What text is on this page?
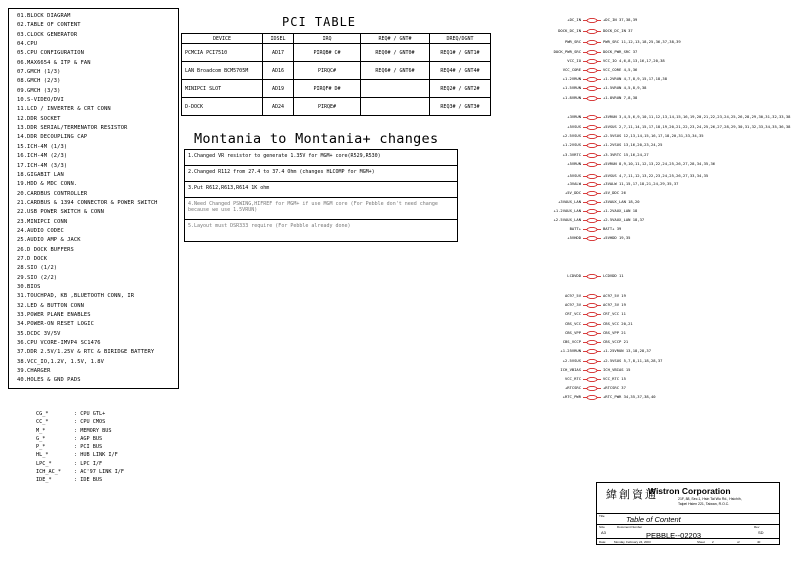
01.BLOCK DIAGRAM
02.TABLE OF CONTENT
03.CLOCK GENERATOR
04.CPU
05.CPU CONFIGURATION
06.MAX6654 & ITP & FAN
07.GMCH (1/3)
08.GMCH (2/3)
09.GMCH (3/3)
10.S-VIDEO/DVI
11.LCD / INVERTER & CRT CONN
12.DDR SOCKET
13.DDR SERIAL/TERMENATOR RESISTOR
14.DDR DECOUPLING CAP
15.ICH-4M (1/3)
16.ICH-4M (2/3)
17.ICH-4M (3/3)
18.GIGABIT LAN
19.HDD & MDC CONN.
20.CARDBUS CONTROLLER
21.CARDBUS & 1394 CONNECTOR & POWER SWITCH
22.USB POWER SWITCH & CONN
23.MINIPCI CONN
24.AUDIO CODEC
25.AUDIO AMP & JACK
26.D DOCK BUFFERS
27.D DOCK
28.SIO (1/2)
29.SIO (2/2)
30.BIOS
31.TOUCHPAD, KB ,BLUETOOTH CONN, IR
32.LED & BUTTON CONN
33.POWER PLANE ENABLES
34.POWER-ON RESET LOGIC
35.DCDC 3V/5V
36.CPU VCORE-IMVP4 SC1476
37.DDR 2.5V/1.25V & RTC & BIRIDGE BATTERY
38.VCC_IO,1.2V, 1.5V, 1.8V
39.CHARGER
40.HOLES & GND PADS
PCI TABLE
DEVICE	IDSEL	IRQ	REQ# / GNT#	DREQ/DGNT
PCMCIA PCI7510	AD17	PIRQB# C#	REQ0# / GNT0#	REQ1# / GNT1#
LAN Broadcom BCM5705M	AD16	PIRQC#	REQ6# / GNT6#	REQ4# / GNT4#
MINIPCI SLOT	AD19	PIRQF# D#		REQ2# / GNT2#
D-DOCK	AD24	PIRQE#		REQ3# / GNT3#
Montania to Montania+ changes
1.Changed VR resistor to generate 1.35V for MGM+ core(R529,R530)
2.Changed R112 from 27.4 to 37.4 Ohm (changes HLCOMP for MGM+)
3.Put R612,R613,R614 1K ohm
4.Need Changed PSWING,HIFREF for MGM+ if use MGM core (For Pebble don't need change because we use 1.5VRUN)
5.Layout must DSR333 require (For Pebble already done)
CG_*	: CPU GTL+
CC_*	: CPU CMOS
M_*	: MEMORY BUS
G_*	: AGP BUS
P_*	: PCI BUS
HL_*	: HUB LINK I/F
LPC_*	: LPC I/F
ICH_AC_*	: AC'97 LINK I/F
IDE_*	: IDE BUS
+DC_IN	+DC_IN 37,38,39
DOCK_DC_IN	DOCK_DC_IN 37
PWR_SRC	PWR_SRC 11,12,13,18,25,36,37,38,39
DOCK_PWR_SRC	DOCK_PWR_SRC 37
VCC_IO	VCC_IO 4,6,8,13,16,17,20,38
VCC_CORE	VCC_CORE 4,5,36
+1.2VRUN	+1.2VRUN 4,7,8,9,15,17,18,38
+1.5VRUN	+1.5VRUN 4,5,8,9,38
+1.8VRUN	+1.8VRUN 7,8,38
+3VRUN	+3VRUN 3,4,5,6,9,10,11,12,13,14,15,16,19,20,21,22,23,24,25,26,28,29,30,31,32,33,38
+5VSUS	+5VSUS 2,7,11,14,15,17,18,19,20,21,22,23,24,25,26,27,28,29,30,31,32,33,34,35,36,38
+2.5VSUS	+2.5VSUS 12,13,14,15,16,17,18,20,31,33,34,35
+1.2VSUS	+1.2VSUS 13,16,20,23,24,25
+3.3VRTC	+3.3VRTC 15,16,24,27
+5VRUN	+5VRUN 8,9,10,11,12,13,22,24,25,26,27,28,34,35,36
+5VSUS	+5VSUS 4,7,11,12,13,22,23,24,25,26,27,33,34,35
+3VALW	+3VALW 11,15,17,18,21,24,29,35,37
+5V_DDC	+5V_DDC 26
+3VAUX_LAN	+3VAUX_LAN 18,20
+1.2VAUX_LAN	+1.2VAUX_LAN 18
+2.5VAUX_LAN	+2.5VAUX_LAN 18,37
BATT+	BATT+ 39
+5VHDD	+5VHDD 19,35
LCDVDD	LCDVDD 11
AC97_5V	AC97_5V 19
AC97_3V	AC97_3V 19
CRT_VCC	CRT_VCC 11
CBS_VCC	CBS_VCC 20,21
CBS_VPP	CBS_VPP 21
CBS_VCCP	CBS_VCCP 21
+1.25VRUN	+1.25VRUN 13,18,28,37
+2.5VSUS	+2.5VSUS 5,7,8,11,18,28,37
ICH_VBIAS	ICH_VBIAS 15
VCC_RTC	VCC_RTC 15
+RTCSRC	+RTCSRC 37
+RTC_PWR	+RTC_PWR 34,35,37,38,40
緯創資通
Wistron Corporation
21F, 88, Sec.1, Hsin Tai Wu Rd., Hsichih,
Taipei Hsien 221, Taiwan, R.O.C.
Title	Table of Content
Size
A3
Document Number
PEBBLE--02203
Rev
SD
Date:	Monday, February 24, 2003	Sheet 2	of	40
